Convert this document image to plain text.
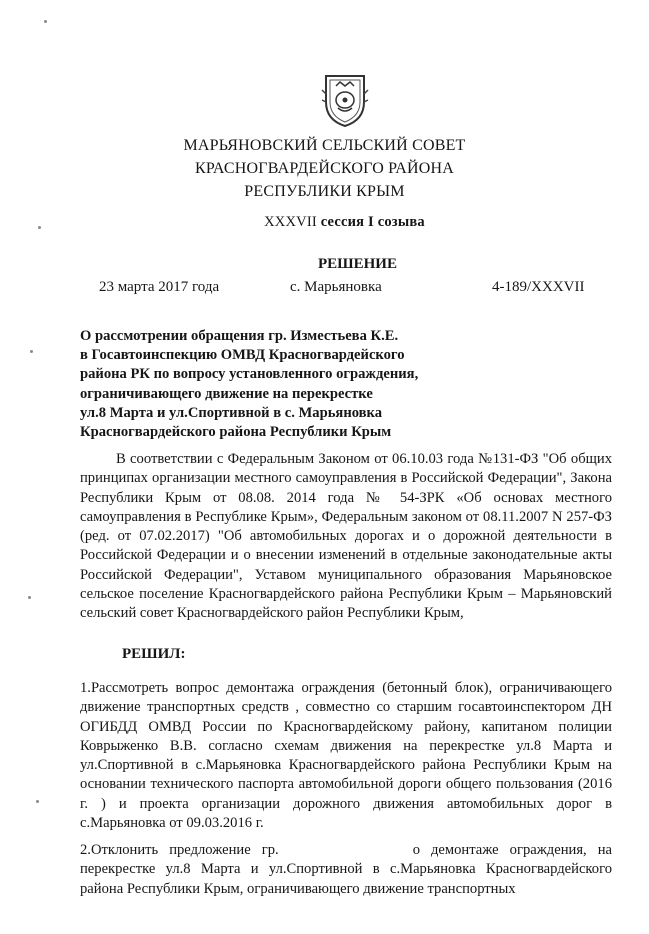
МАРЬЯНОВСКИЙ СЕЛЬСКИЙ СОВЕТ
КРАСНОГВАРДЕЙСКОГО РАЙОНА
РЕСПУБЛИКИ КРЫМ
XXXVII сессия I созыва
РЕШЕНИЕ
23 марта 2017 года	с. Марьяновка	4-189/XXXVII
О рассмотрении обращения гр. Изместьева К.Е.
в Госавтоинспекцию ОМВД Красногвардейского
района РК по вопросу установленного ограждения,
ограничивающего движение на перекрестке
ул.8 Марта и ул.Спортивной в с. Марьяновка
Красногвардейского района Республики Крым
В соответствии с Федеральным Законом от 06.10.03 года №131-ФЗ "Об общих принципах организации местного самоуправления в Российской Федерации", Закона Республики Крым от 08.08. 2014 года № 54-ЗРК «Об основах местного самоуправления в Республике Крым», Федеральным законом от 08.11.2007 N 257-ФЗ (ред. от 07.02.2017) "Об автомобильных дорогах и о дорожной деятельности в Российской Федерации и о внесении изменений в отдельные законодательные акты Российской Федерации", Уставом муниципального образования Марьяновское сельское поселение Красногвардейского района Республики Крым – Марьяновский сельский совет Красногвардейского район Республики Крым,
РЕШИЛ:
1.Рассмотреть вопрос демонтажа ограждения (бетонный блок), ограничивающего движение транспортных средств , совместно со старшим госавтоинспектором ДН ОГИБДД ОМВД России по Красногвардейскому району, капитаном полиции Коврыженко В.В. согласно схемам движения на перекрестке ул.8 Марта и ул.Спортивной в с.Марьяновка Красногвардейского района Республики Крым на основании технического паспорта автомобильной дороги общего пользования (2016 г. ) и проекта организации дорожного движения автомобильных дорог в с.Марьяновка от 09.03.2016 г.
2.Отклонить предложение гр.	о демонтаже ограждения, на перекрестке ул.8 Марта и ул.Спортивной в с.Марьяновка Красногвардейского района Республики Крым, ограничивающего движение транспортных
